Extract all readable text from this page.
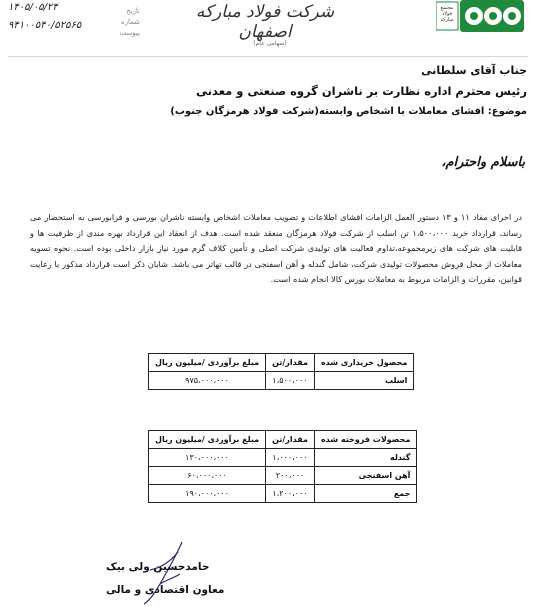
تاریخ
شماره
پیوست
۱۴۰۵/۰۵/۲۴
۹۴۱۰۰۵۴۰/۵۲۵۶۵
شرکت فولاد مبارکه اصفهان
(سهامی عام)
مجتمع فولاد مبارکه
جناب آقای سلطانی
رئیس محترم اداره نظارت بر ناشران گروه صنعتی و معدنی
موضوع: افشای معاملات با اشخاص وابسته(شرکت فولاد هرمزگان جنوب)
باسلام واحترام،
در اجرای مفاد ۱۱ و ۱۳ دستور العمل الزامات افشای اطلاعات و تصویب معاملات اشخاص وابسته ناشران بورسی و فرابورسی به استحضار می رساند، قرارداد خرید ۱،۵۰۰،۰۰۰ تن اسلب از شرکت فولاد هرمزگان منعقد شده است. هدف از انعقاد این قرارداد بهره مندی از ظرفیت ها و قابلیت های شرکت های زیرمجموعه،تداوم فعالیت های تولیدی شرکت اصلی و تأمین کلاف گرم مورد نیاز بازار داخلی بوده است. نحوه تسویه معاملات از محل فروش محصولات تولیدی شرکت، شامل گندله و آهن اسفنجی در قالب تهاتر می باشد. شایان ذکر است قرارداد مذکور با رعایت قوانین، مقررات و الزامات مربوط به معاملات بورس کالا انجام شده است.
محصول خریداری شده	مقدار/تن	مبلغ برآوردی /میلیون ریال
اسلب	۱،۵۰۰،۰۰۰	۹۷۵،۰۰۰،۰۰۰
محصولات فروخته شده	مقدار/تن	مبلغ برآوردی /میلیون ریال
گندله	۱،۰۰۰،۰۰۰	۱۳۰،۰۰۰،۰۰۰
آهن اسفنجی	۲۰۰،۰۰۰	۶۰،۰۰۰،۰۰۰
جمع	۱،۲۰۰،۰۰۰	۱۹۰،۰۰۰،۰۰۰
حامدحسین ولی بیک
معاون اقتصادی و مالی
